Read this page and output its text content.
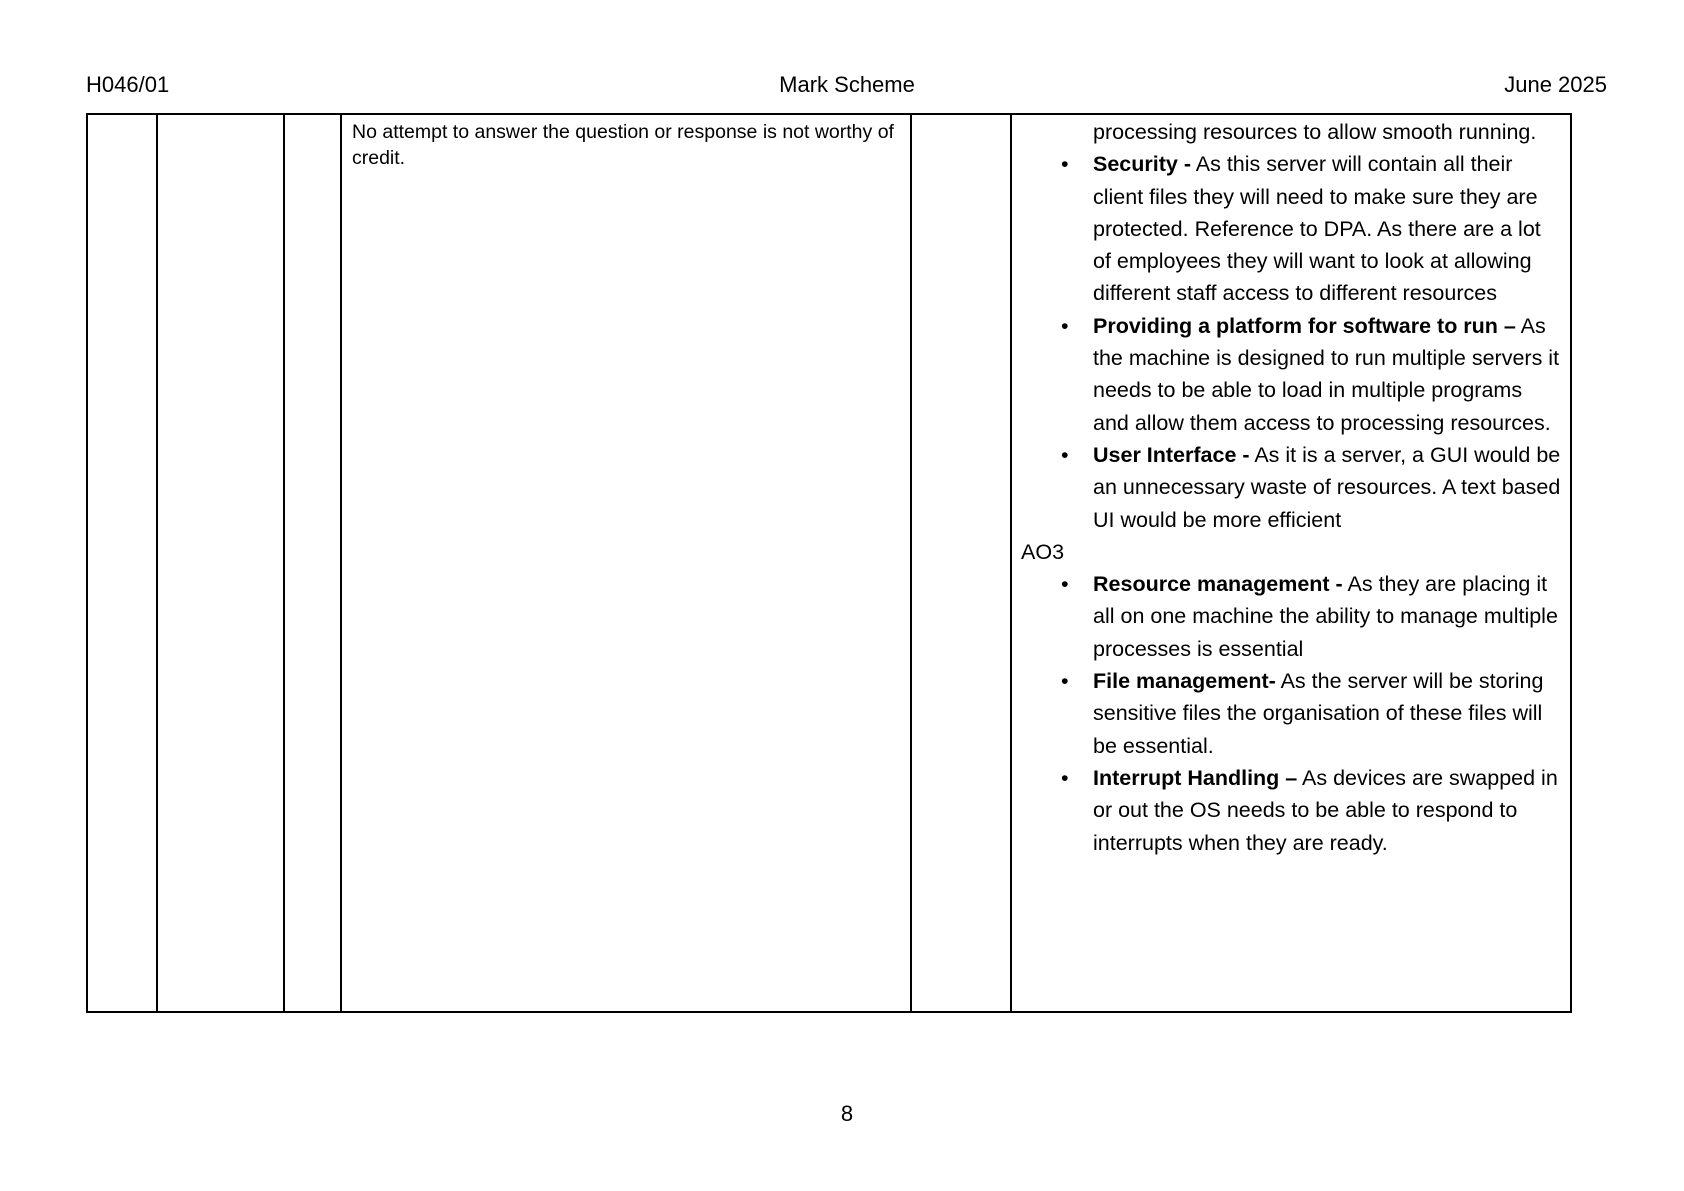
H046/01	Mark Scheme	June 2025
No attempt to answer the question or response is not worthy of credit.
processing resources to allow smooth running.
• Security - As this server will contain all their client files they will need to make sure they are protected. Reference to DPA. As there are a lot of employees they will want to look at allowing different staff access to different resources
• Providing a platform for software to run – As the machine is designed to run multiple servers it needs to be able to load in multiple programs and allow them access to processing resources.
• User Interface - As it is a server, a GUI would be an unnecessary waste of resources. A text based UI would be more efficient
AO3
• Resource management - As they are placing it all on one machine the ability to manage multiple processes is essential
• File management- As the server will be storing sensitive files the organisation of these files will be essential.
• Interrupt Handling – As devices are swapped in or out the OS needs to be able to respond to interrupts when they are ready.
8
